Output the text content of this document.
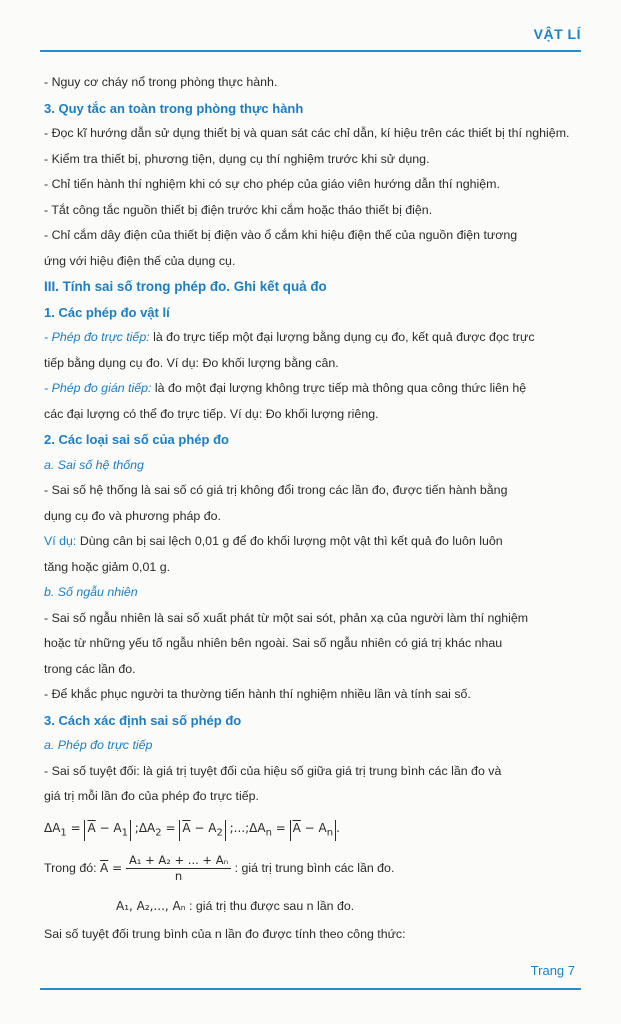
VẬT LÍ
- Nguy cơ cháy nổ trong phòng thực hành.
3. Quy tắc an toàn trong phòng thực hành
- Đọc kĩ hướng dẫn sử dụng thiết bị và quan sát các chỉ dẫn, kí hiệu trên các thiết bị thí nghiệm.
- Kiểm tra thiết bị, phương tiện, dụng cụ thí nghiệm trước khi sử dụng.
- Chỉ tiến hành thí nghiệm khi có sự cho phép của giáo viên hướng dẫn thí nghiệm.
- Tắt công tắc nguồn thiết bị điện trước khi cắm hoặc tháo thiết bị điện.
- Chỉ cắm dây điện của thiết bị điện vào ổ cắm khi hiệu điện thế của nguồn điện tương
ứng với hiệu điện thế của dụng cụ.
III. Tính sai số trong phép đo. Ghi kết quả đo
1. Các phép đo vật lí
- Phép đo trực tiếp: là đo trực tiếp một đại lượng bằng dụng cụ đo, kết quả được đọc trực
tiếp bằng dụng cụ đo. Ví dụ: Đo khối lượng bằng cân.
- Phép đo gián tiếp: là đo một đại lượng không trực tiếp mà thông qua công thức liên hệ
các đại lượng có thể đo trực tiếp. Ví dụ: Đo khối lượng riêng.
2. Các loại sai số của phép đo
a. Sai số hệ thống
- Sai số hệ thống là sai số có giá trị không đổi trong các lần đo, được tiến hành bằng
dụng cụ đo và phương pháp đo.
Ví dụ: Dùng cân bị sai lệch 0,01 g để đo khối lượng một vật thì kết quả đo luôn luôn
tăng hoặc giảm 0,01 g.
b. Số ngẫu nhiên
- Sai số ngẫu nhiên là sai số xuất phát từ một sai sót, phản xạ của người làm thí nghiệm
hoặc từ những yếu tố ngẫu nhiên bên ngoài. Sai số ngẫu nhiên có giá trị khác nhau
trong các lần đo.
- Để khắc phục người ta thường tiến hành thí nghiệm nhiều lần và tính sai số.
3. Cách xác định sai số phép đo
a. Phép đo trực tiếp
- Sai số tuyệt đối: là giá trị tuyệt đối của hiệu số giữa giá trị trung bình các lần đo và
giá trị mỗi lần đo của phép đo trực tiếp.
$\Delta A_1 = \overline{A} - A_1$ $;\Delta A_2 = \overline{A} - A_2$ $;...;\Delta A_n = \overline{A} - A_n$ .
Trong đó: $\overline{A} = \frac{\text{A₁ + A₂ + ... + Aₙ}}{n}$ : giá trị trung bình các lần đo.
A₁, A₂,..., Aₙ : giá trị thu được sau n lần đo.
Sai số tuyệt đối trung bình của n lần đo được tính theo công thức:
Trang 7
